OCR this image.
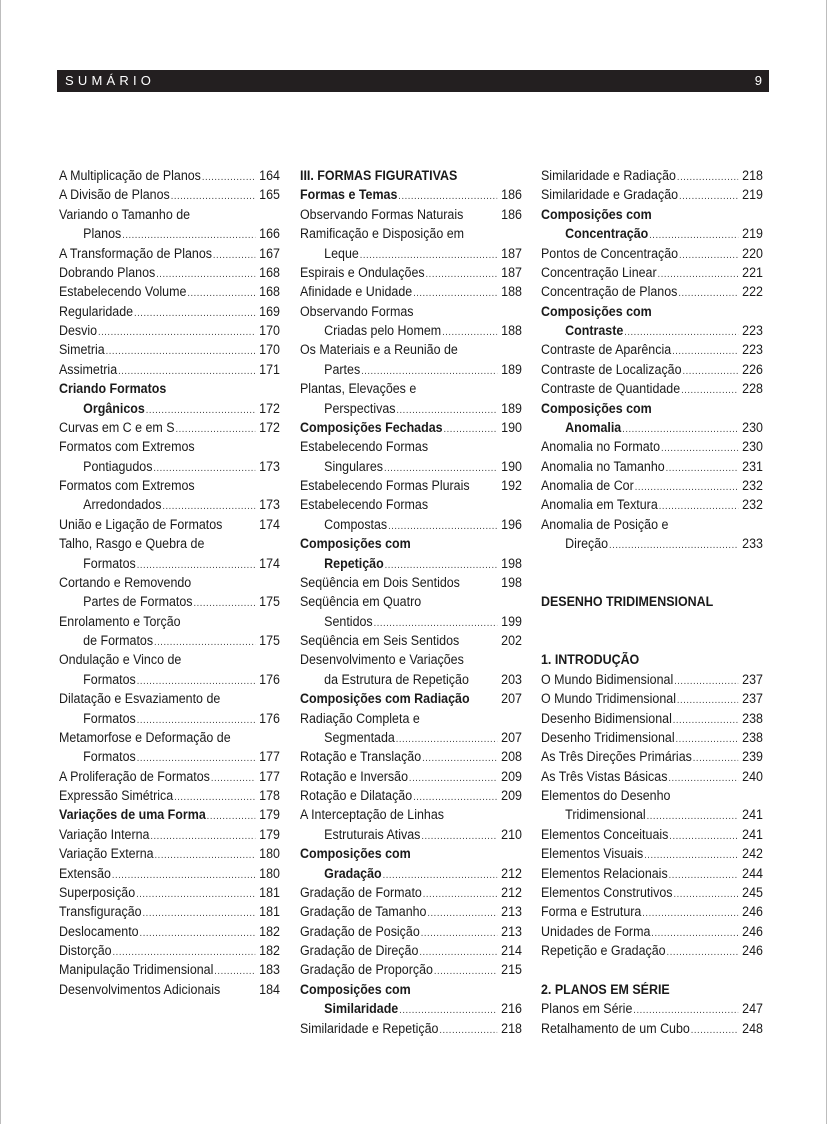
SUMÁRIO	9
A Multiplicação de Planos .....	164
A Divisão de Planos .....	165
Variando o Tamanho de
Planos .....	166
A Transformação de Planos .....	167
Dobrando Planos .....	168
Estabelecendo Volume .....	168
Regularidade .....	169
Desvio .....	170
Simetria .....	170
Assimetria .....	171
Criando Formatos
Orgânicos .....	172
Curvas em C e em S .....	172
Formatos com Extremos
Pontiagudos .....	173
Formatos com Extremos
Arredondados .....	173
União e Ligação de Formatos	174
Talho, Rasgo e Quebra de
Formatos .....	174
Cortando e Removendo
Partes de Formatos .....	175
Enrolamento e Torção
de Formatos .....	175
Ondulação e Vinco de
Formatos .....	176
Dilatação e Esvaziamento de
Formatos .....	176
Metamorfose e Deformação de
Formatos .....	177
A Proliferação de Formatos .....	177
Expressão Simétrica .....	178
Variações de uma Forma .....	179
Variação Interna .....	179
Variação Externa .....	180
Extensão .....	180
Superposição .....	181
Transfiguração .....	181
Deslocamento .....	182
Distorção .....	182
Manipulação Tridimensional .....	183
Desenvolvimentos Adicionais	184
III. FORMAS FIGURATIVAS
Formas e Temas .....	186
Observando Formas Naturais	186
Ramificação e Disposição em
Leque .....	187
Espirais e Ondulações .....	187
Afinidade e Unidade .....	188
Observando Formas
Criadas pelo Homem .....	188
Os Materiais e a Reunião de
Partes .....	189
Plantas, Elevações e
Perspectivas .....	189
Composições Fechadas .....	190
Estabelecendo Formas
Singulares .....	190
Estabelecendo Formas Plurais 192
Estabelecendo Formas
Compostas .....	196
Composições com
Repetição .....	198
Seqüência em Dois Sentidos	198
Seqüência em Quatro
Sentidos .....	199
Seqüência em Seis Sentidos	202
Desenvolvimento e Variações
da Estrutura de Repetição 203
Composições com Radiação 207
Radiação Completa e
Segmentada .....	207
Rotação e Translação .....	208
Rotação e Inversão .....	209
Rotação e Dilatação .....	209
A Interceptação de Linhas
Estruturais Ativas .....	210
Composições com
Gradação .....	212
Gradação de Formato .....	212
Gradação de Tamanho .....	213
Gradação de Posição .....	213
Gradação de Direção .....	214
Gradação de Proporção .....	215
Composições com
Similaridade .....	216
Similaridade e Repetição .....	218
Similaridade e Radiação .....	218
Similaridade e Gradação .....	219
Composições com
Concentração .....	219
Pontos de Concentração .....	220
Concentração Linear .....	221
Concentração de Planos .....	222
Composições com
Contraste .....	223
Contraste de Aparência .....	223
Contraste de Localização .....	226
Contraste de Quantidade .....	228
Composições com
Anomalia .....	230
Anomalia no Formato .....	230
Anomalia no Tamanho .....	231
Anomalia de Cor .....	232
Anomalia em Textura .....	232
Anomalia de Posição e
Direção .....	233
DESENHO TRIDIMENSIONAL
1. INTRODUÇÃO
O Mundo Bidimensional .....	237
O Mundo Tridimensional .....	237
Desenho Bidimensional .....	238
Desenho Tridimensional .....	238
As Três Direções Primárias .....	239
As Três Vistas Básicas .....	240
Elementos do Desenho
Tridimensional .....	241
Elementos Conceituais .....	241
Elementos Visuais .....	242
Elementos Relacionais .....	244
Elementos Construtivos .....	245
Forma e Estrutura .....	246
Unidades de Forma .....	246
Repetição e Gradação .....	246
2. PLANOS EM SÉRIE
Planos em Série .....	247
Retalhamento de um Cubo .....	248
